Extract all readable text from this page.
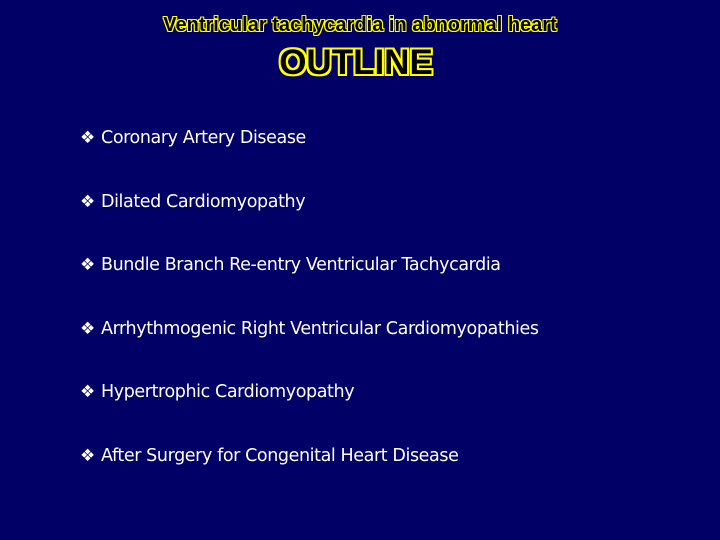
Ventricular tachycardia in abnormal heart
OUTLINE
❖ Coronary Artery Disease
❖ Dilated Cardiomyopathy
❖ Bundle Branch Re-entry Ventricular Tachycardia
❖ Arrhythmogenic Right Ventricular Cardiomyopathies
❖ Hypertrophic Cardiomyopathy
❖ After Surgery for Congenital Heart Disease
